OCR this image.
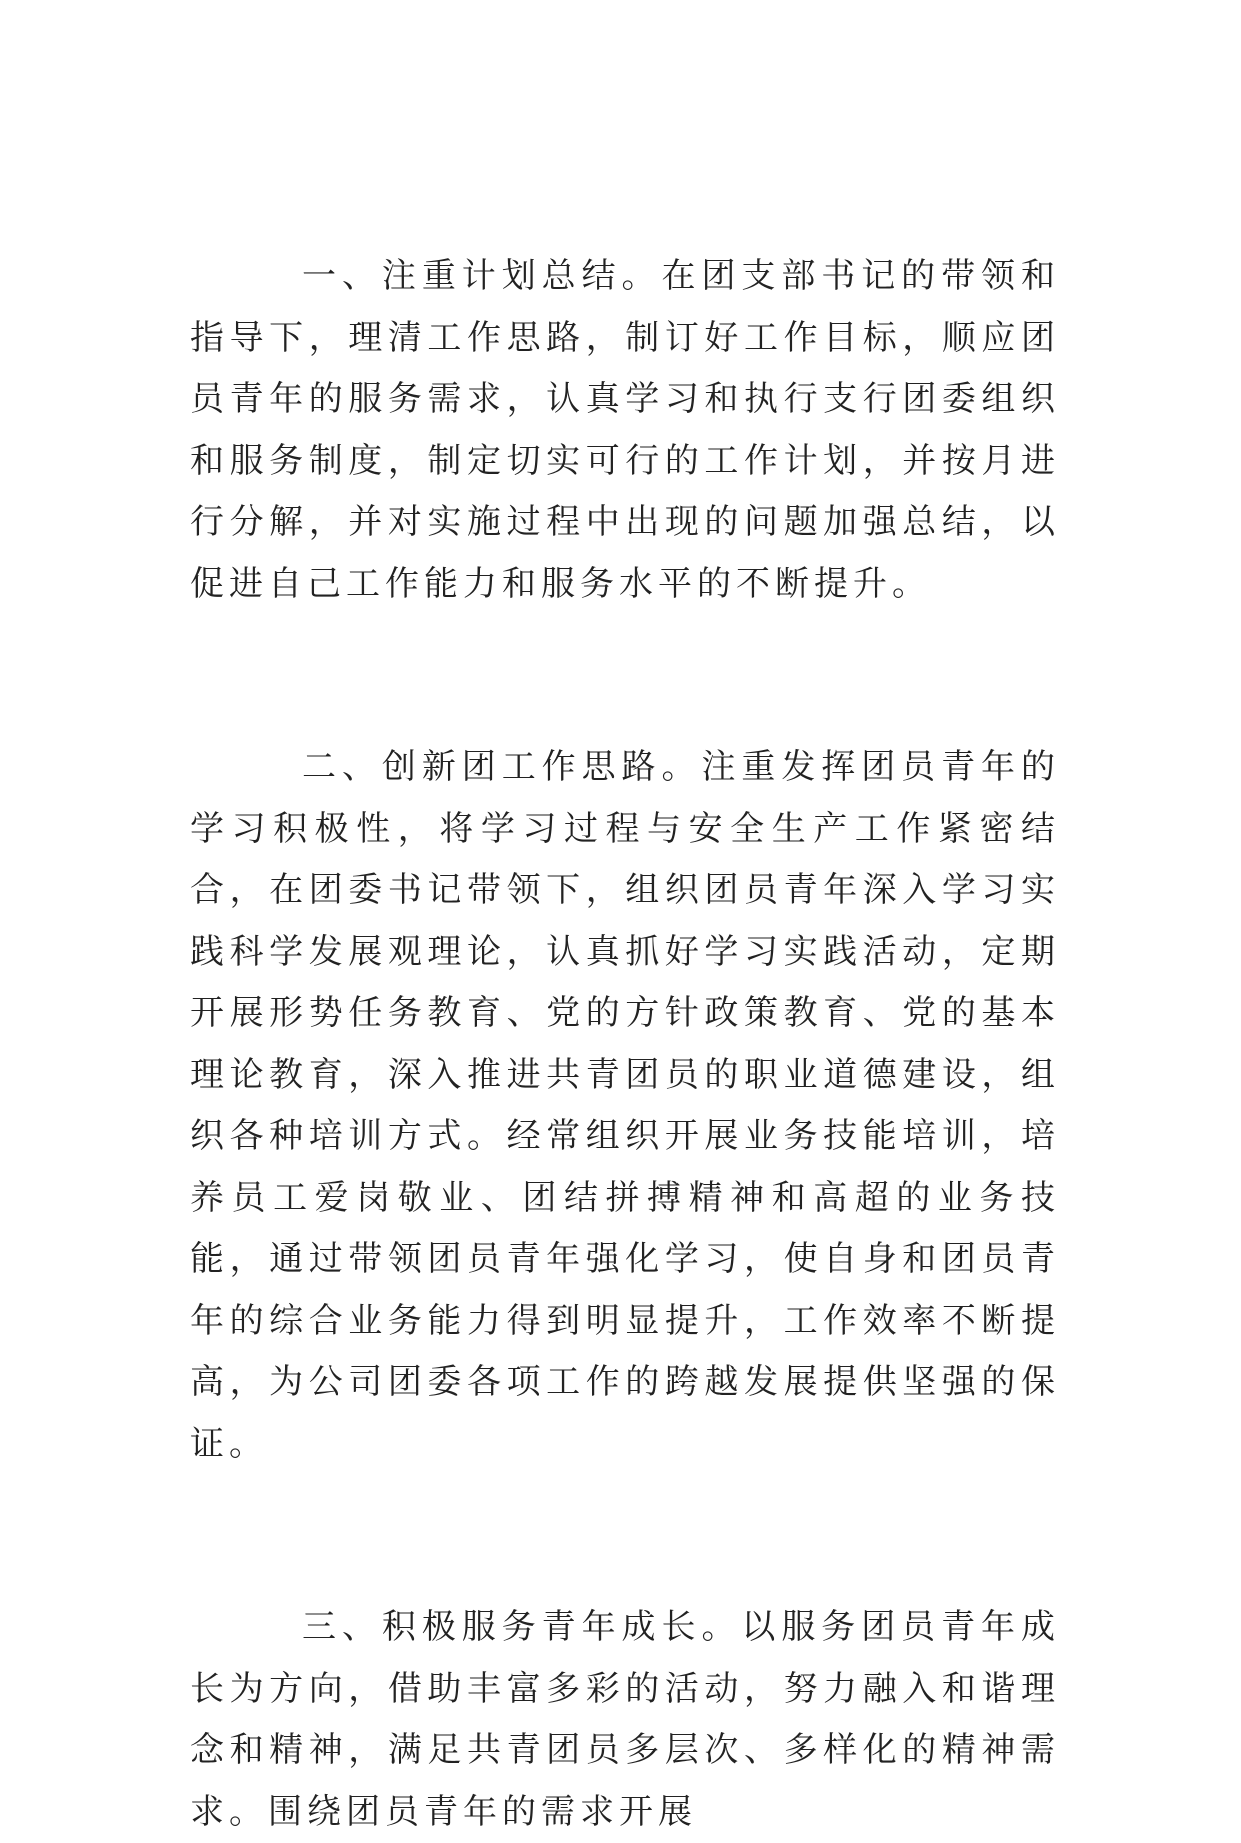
一、注重计划总结。在团支部书记的带领和指导下，理清工作思路，制订好工作目标，顺应团员青年的服务需求，认真学习和执行支行团委组织和服务制度，制定切实可行的工作计划，并按月进行分解，并对实施过程中出现的问题加强总结，以促进自己工作能力和服务水平的不断提升。

二、创新团工作思路。注重发挥团员青年的学习积极性，将学习过程与安全生产工作紧密结合，在团委书记带领下，组织团员青年深入学习实践科学发展观理论，认真抓好学习实践活动，定期开展形势任务教育、党的方针政策教育、党的基本理论教育，深入推进共青团员的职业道德建设，组织各种培训方式。经常组织开展业务技能培训，培养员工爱岗敬业、团结拼搏精神和高超的业务技能，通过带领团员青年强化学习，使自身和团员青年的综合业务能力得到明显提升，工作效率不断提高，为公司团委各项工作的跨越发展提供坚强的保证。

三、积极服务青年成长。以服务团员青年成长为方向，借助丰富多彩的活动，努力融入和谐理念和精神，满足共青团员多层次、多样化的精神需求。围绕团员青年的需求开展
